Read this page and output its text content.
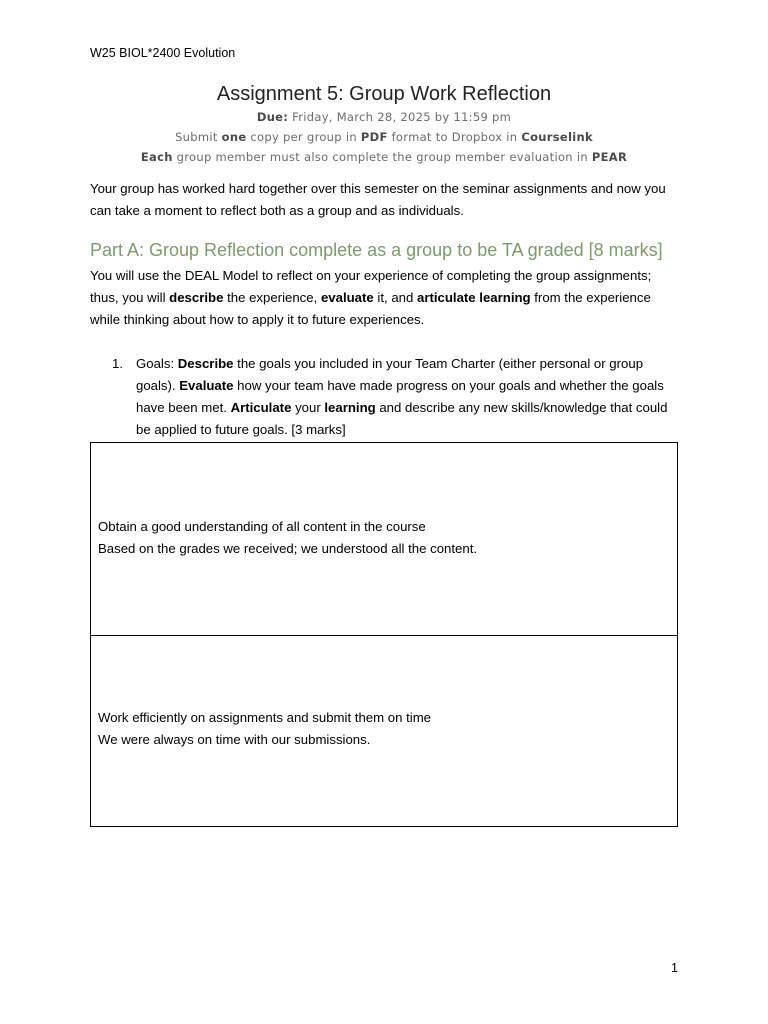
W25 BIOL*2400 Evolution
Assignment 5: Group Work Reflection
Due: Friday, March 28, 2025 by 11:59 pm
Submit one copy per group in PDF format to Dropbox in Courselink
Each group member must also complete the group member evaluation in PEAR
Your group has worked hard together over this semester on the seminar assignments and now you can take a moment to reflect both as a group and as individuals.
Part A: Group Reflection complete as a group to be TA graded [8 marks]
You will use the DEAL Model to reflect on your experience of completing the group assignments; thus, you will describe the experience, evaluate it, and articulate learning from the experience while thinking about how to apply it to future experiences.
1. Goals: Describe the goals you included in your Team Charter (either personal or group goals). Evaluate how your team have made progress on your goals and whether the goals have been met. Articulate your learning and describe any new skills/knowledge that could be applied to future goals. [3 marks]
Obtain a good understanding of all content in the course
Based on the grades we received; we understood all the content.
Work efficiently on assignments and submit them on time
We were always on time with our submissions.
1
